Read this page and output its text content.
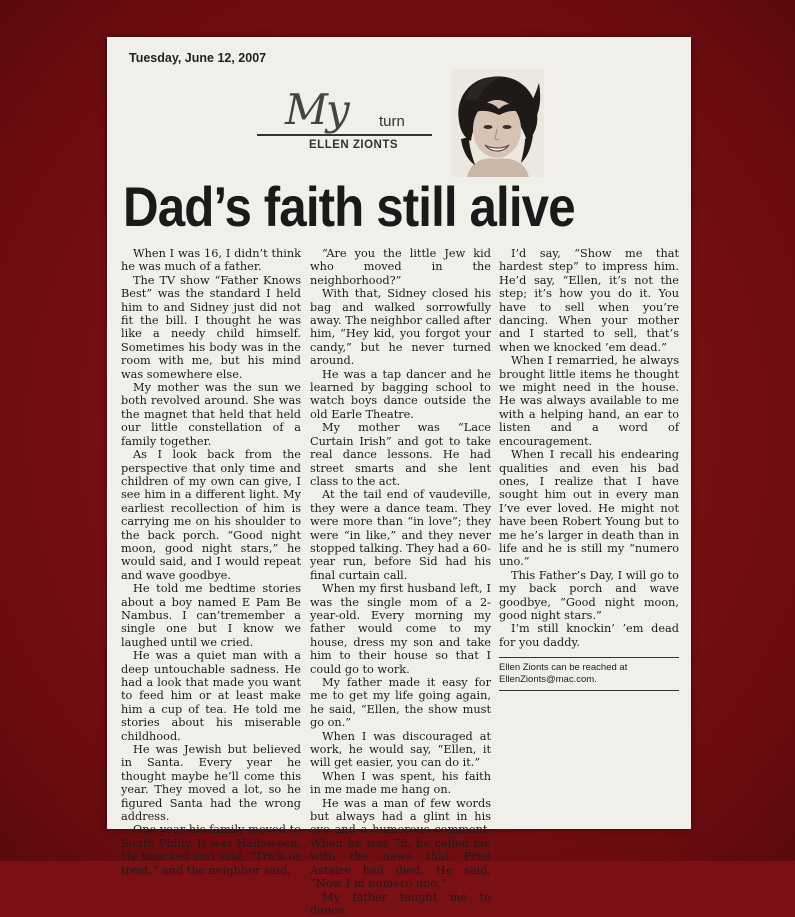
Tuesday, June 12, 2007
My turn
ELLEN ZIONTS
Dad’s faith still alive

When I was 16, I didn’t think he was much of a father.

The TV show “Father Knows Best” was the standard I held him to and Sidney just did not fit the bill. I thought he was like a needy child himself. Sometimes his body was in the room with me, but his mind was somewhere else.

My mother was the sun we both revolved around. She was the magnet that held that held our little constellation of a family together.

As I look back from the perspective that only time and children of my own can give, I see him in a different light. My earliest recollection of him is carrying me on his shoulder to the back porch. “Good night moon, good night stars,” he would said, and I would repeat and wave goodbye.

He told me bedtime stories about a boy named E Pam Be Nambus. I can’tremember a single one but I know we laughed until we cried.

He was a quiet man with a deep untouchable sadness. He had a look that made you want to feed him or at least make him a cup of tea. He told me stories about his miserable childhood.

He was Jewish but believed in Santa. Every year he thought maybe he’ll come this year. They moved a lot, so he figured Santa had the wrong address.

One year his family moved to South Philly. It was Halloween. He knocked and said, “Trick or treat,” and the neighbor said,

“Are you the little Jew kid who moved in the neighborhood?”

With that, Sidney closed his bag and walked sorrowfully away. The neighbor called after him, “Hey kid, you forgot your candy,” but he never turned around.

He was a tap dancer and he learned by bagging school to watch boys dance outside the old Earle Theatre.

My mother was “Lace Curtain Irish” and got to take real dance lessons. He had street smarts and she lent class to the act.

At the tail end of vaudeville, they were a dance team. They were more than “in love”; they were “in like,” and they never stopped talking. They had a 60-year run, before Sid had his final curtain call.

When my first husband left, I was the single mom of a 2-year-old. Every morning my father would come to my house, dress my son and take him to their house so that I could go to work.

My father made it easy for me to get my life going again, he said, “Ellen, the show must go on.”

When I was discouraged at work, he would say, “Ellen, it will get easier, you can do it.”

When I was spent, his faith in me made me hang on.

He was a man of few words but always had a glint in his eye and a humorous comment. When he was 78, he called me with the news that Fred Astaire had died. He said, “Now I’m numero uno.”

My father taught me to dance.

I’d say, “Show me that hardest step” to impress him. He’d say, “Ellen, it’s not the step; it’s how you do it. You have to sell when you’re dancing. When your mother and I started to sell, that’s when we knocked ’em dead.”

When I remarried, he always brought little items he thought we might need in the house. He was always available to me with a helping hand, an ear to listen and a word of encouragement.

When I recall his endearing qualities and even his bad ones, I realize that I have sought him out in every man I’ve ever loved. He might not have been Robert Young but to me he’s larger in death than in life and he is still my “numero uno.”

This Father’s Day, I will go to my back porch and wave goodbye, “Good night moon, good night stars.”

I’m still knockin’ ’em dead for you daddy.

Ellen Zionts can be reached at EllenZionts@mac.com.
